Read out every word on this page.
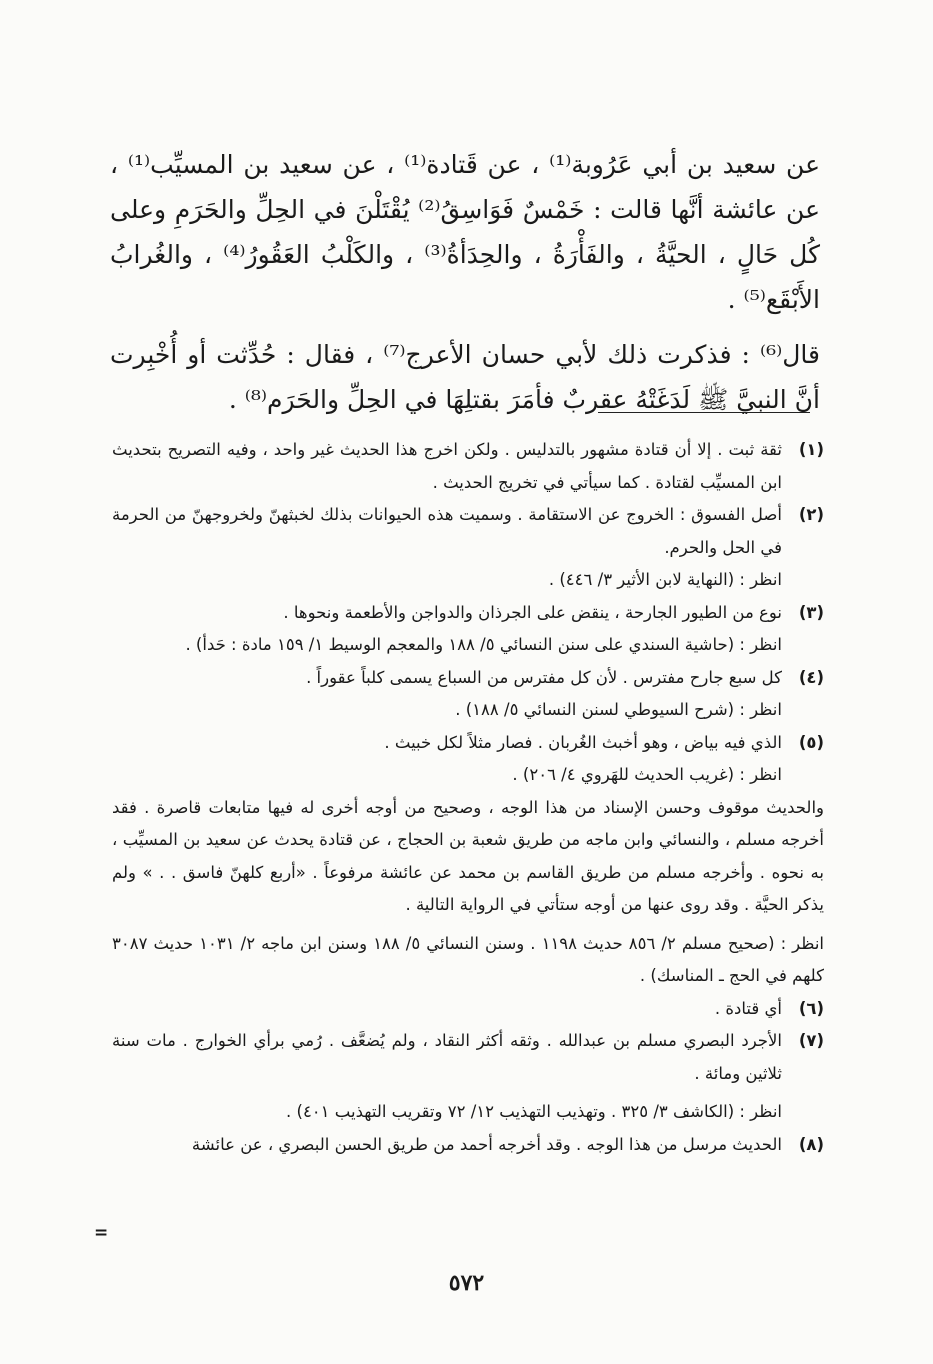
عن سعيد بن أبي عَرُوبة⁽¹⁾ ، عن قَتادة⁽¹⁾ ، عن سعيد بن المسيِّب⁽¹⁾ ، عن عائشة أنَّها قالت : خَمْسٌ فَوَاسِقُ⁽²⁾ يُقْتَلْنَ في الحِلِّ والحَرَمِ وعلى كُل حَالٍ ، الحيَّةُ ، والفَأْرَةُ ، والحِدَأةُ⁽³⁾ ، والكَلْبُ العَقُورُ⁽⁴⁾ ، والغُرابُ الأَبْقَع⁽⁵⁾ .

قال⁽⁶⁾ : فذكرت ذلك لأبي حسان الأعرج⁽⁷⁾ ، فقال : حُدِّثت أو أُخْبِرت أنَّ النبيَّ ﷺ لَدَغَتْهُ عقربٌ فأمَرَ بقتلِهَا في الحِلِّ والحَرَم⁽⁸⁾ .

(١)

ثقة ثبت . إلا أن قتادة مشهور بالتدليس . ولكن اخرج هذا الحديث غير واحد ، وفيه التصريح بتحديث ابن المسيِّب لقتادة . كما سيأتي في تخريج الحديث .

(٢)

أصل الفسوق : الخروج عن الاستقامة . وسميت هذه الحيوانات بذلك لخبثهنّ ولخروجهنّ من الحرمة في الحل والحرم.

انظر : (النهاية لابن الأثير ٣/ ٤٤٦) .

(٣)

نوع من الطيور الجارحة ، ينقض على الجرذان والدواجن والأطعمة ونحوها .

انظر : (حاشية السندي على سنن النسائي ٥/ ١٨٨ والمعجم الوسيط ١/ ١٥٩ مادة : حَدأ) .

(٤)

كل سبع جارح مفترس . لأن كل مفترس من السباع يسمى كلباً عقوراً .

انظر : (شرح السيوطي لسنن النسائي ٥/ ١٨٨) .

(٥)

الذي فيه بياض ، وهو أخبث الغُربان . فصار مثلاً لكل خبيث .

انظر : (غريب الحديث للهَروي ٤/ ٢٠٦) .

والحديث موقوف وحسن الإسناد من هذا الوجه ، وصحيح من أوجه أخرى له فيها متابعات قاصرة . فقد أخرجه مسلم ، والنسائي وابن ماجه من طريق شعبة بن الحجاج ، عن قتادة يحدث عن سعيد بن المسيِّب ، به نحوه . وأخرجه مسلم من طريق القاسم بن محمد عن عائشة مرفوعاً . «أربع كلهنّ فاسق . . » ولم يذكر الحيَّة . وقد روى عنها من أوجه ستأتي في الرواية التالية .

انظر : (صحيح مسلم ٢/ ٨٥٦ حديث ١١٩٨ . وسنن النسائي ٥/ ١٨٨ وسنن ابن ماجه ٢/ ١٠٣١ حديث ٣٠٨٧ كلهم في الحج ـ المناسك) .

(٦)

أي قتادة .

(٧)

الأجرد البصري مسلم بن عبدالله . وثقه أكثر النقاد ، ولم يُضعَّف . رُمي برأي الخوارج . مات سنة ثلاثين ومائة .

انظر : (الكاشف ٣/ ٣٢٥ . وتهذيب التهذيب ١٢/ ٧٢ وتقريب التهذيب ٤٠١) .

(٨)

الحديث مرسل من هذا الوجه . وقد أخرجه أحمد من طريق الحسن البصري ، عن عائشة

=
٥٧٢
